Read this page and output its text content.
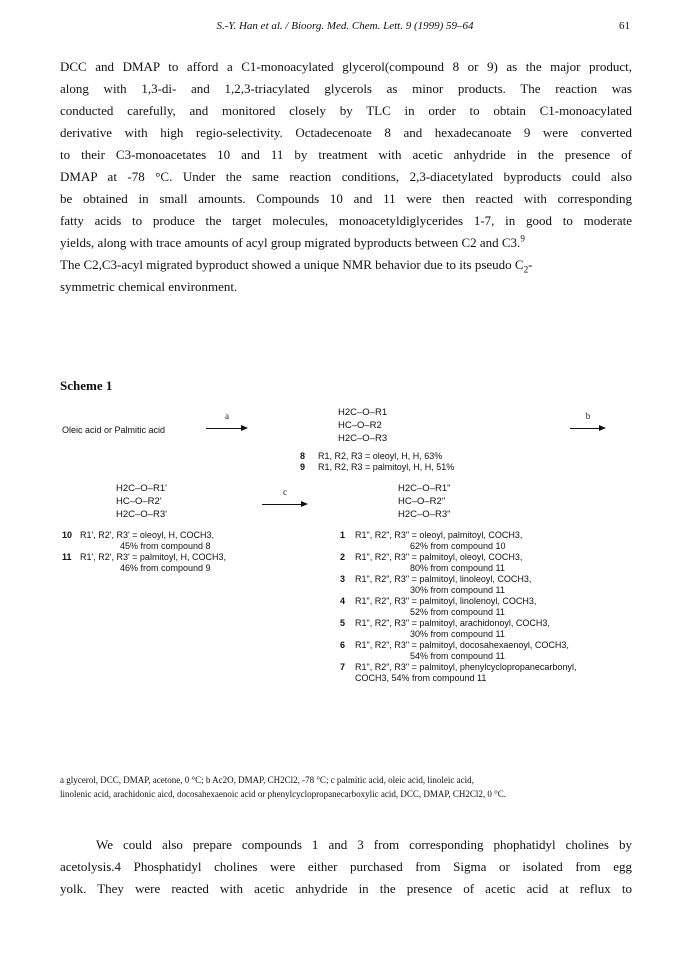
S.-Y. Han et al. / Bioorg. Med. Chem. Lett. 9 (1999) 59–64	61
DCC and DMAP to afford a C1-monoacylated glycerol(compound 8 or 9) as the major product,
along with 1,3-di- and 1,2,3-triacylated glycerols as minor products. The reaction was
conducted carefully, and monitored closely by TLC in order to obtain C1-monoacylated
derivative with high regio-selectivity. Octadecenoate 8 and hexadecanoate 9 were converted
to their C3-monoacetates 10 and 11 by treatment with acetic anhydride in the presence of
DMAP at -78 °C. Under the same reaction conditions, 2,3-diacetylated byproducts could also
be obtained in small amounts. Compounds 10 and 11 were then reacted with corresponding
fatty acids to produce the target molecules, monoacetyldiglycerides 1-7, in good to moderate
yields, along with trace amounts of acyl group migrated byproducts between C2 and C3.$^9$
The C2,C3-acyl migrated byproduct showed a unique NMR behavior due to its pseudo $C_2-$
symmetric chemical environment.
Scheme 1
Oleic acid or Palmitic acid
a	H2C–O–R1
HC–O–R2
H2C–O–R3
b
8 R1, R2, R3 = oleoyl, H, H, 63%
9 R1, R2, R3 = palmitoyl, H, H, 51%
H2C–O–R1'
HC–O–R2'
H2C–O–R3'
c	H2C–O–R1"
HC–O–R2"
H2C–O–R3"
10 R1', R2', R3' = oleoyl, H, COCH3,
45% from compound 8
11 R1', R2', R3' = palmitoyl, H, COCH3,
46% from compound 9
1 R1", R2", R3" = oleoyl, palmitoyl, COCH3,
62% from compound 10
2 R1", R2", R3" = palmitoyl, oleoyl, COCH3,
80% from compound 11
3 R1", R2", R3" = palmitoyl, linoleoyl, COCH3,
30% from compound 11
4 R1", R2", R3" = palmitoyl, linolenoyl, COCH3,
52% from compound 11
5 R1", R2", R3" = palmitoyl, arachidonoyl, COCH3,
30% from compound 11
6 R1", R2", R3" = palmitoyl, docosahexaenoyl, COCH3,
54% from compound 11
7 R1", R2", R3" = palmitoyl, phenylcyclopropanecarbonyl,
COCH3, 54% from compound 11
a glycerol, DCC, DMAP, acetone, 0 °C; b Ac2O, DMAP, CH2Cl2, -78 °C; c palmitic acid, oleic acid, linoleic acid,
linolenic acid, arachidonic aicd, docosahexaenoic acid or phenylcyclopropanecarboxylic acid, DCC, DMAP, CH2Cl2, 0 °C.
We could also prepare compounds 1 and 3 from corresponding phophatidyl cholines by
acetolysis.4 Phosphatidyl cholines were either purchased from Sigma or isolated from egg
yolk. They were reacted with acetic anhydride in the presence of acetic acid at reflux to
